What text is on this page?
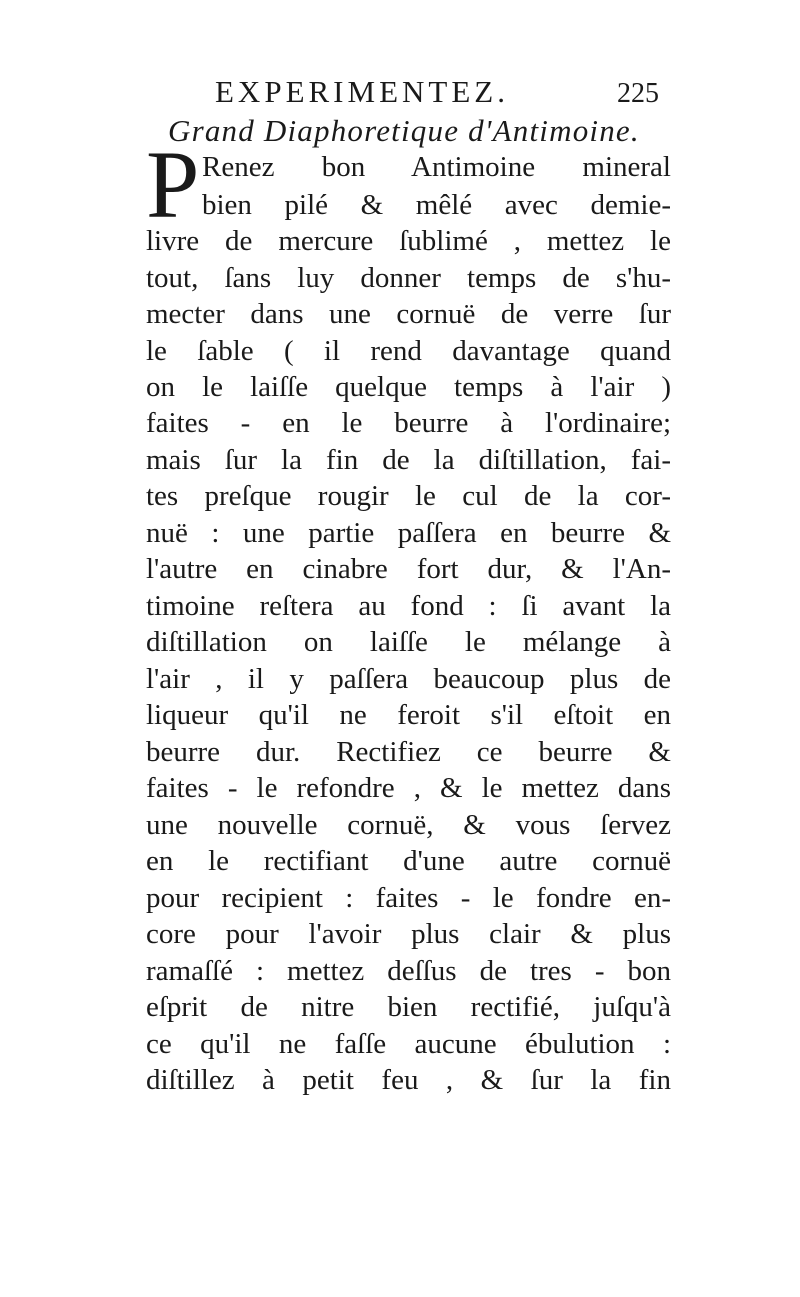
EXPERIMENTEZ.	225
Grand Diaphoretique d'Antimoine.
P Renez bon Antimoine mineral
bien pilé & mêlé avec demie-
livre de mercure ſublimé , mettez le
tout, ſans luy donner temps de s'hu-
mecter dans une cornuë de verre ſur
le ſable ( il rend davantage quand
on le laiſſe quelque temps à l'air )
faites - en le beurre à l'ordinaire;
mais ſur la fin de la diſtillation, fai-
tes preſque rougir le cul de la cor-
nuë : une partie paſſera en beurre &
l'autre en cinabre fort dur, & l'An-
timoine reſtera au fond : ſi avant la
diſtillation on laiſſe le mélange à
l'air , il y paſſera beaucoup plus de
liqueur qu'il ne feroit s'il eſtoit en
beurre dur. Rectifiez ce beurre &
faites - le refondre , & le mettez dans
une nouvelle cornuë, & vous ſervez
en le rectifiant d'une autre cornuë
pour recipient : faites - le fondre en-
core pour l'avoir plus clair & plus
ramaſſé : mettez deſſus de tres - bon
eſprit de nitre bien rectifié, juſqu'à
ce qu'il ne faſſe aucune ébulution :
diſtillez à petit feu , & ſur la fin
